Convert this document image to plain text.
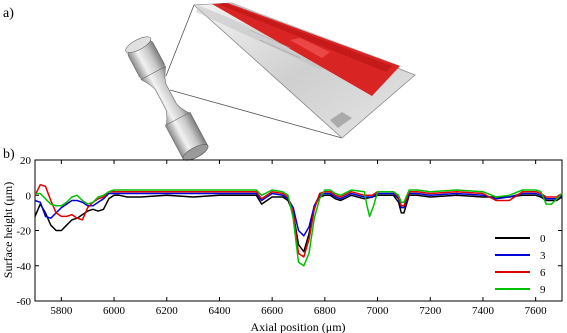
a)
b)
5800	6000	6200	6400	6600	6800	7000	7200	7400	7600
-60
-40
-20
0
20
Axial position (μm)
Surface height (μm)	0
3
6
9
